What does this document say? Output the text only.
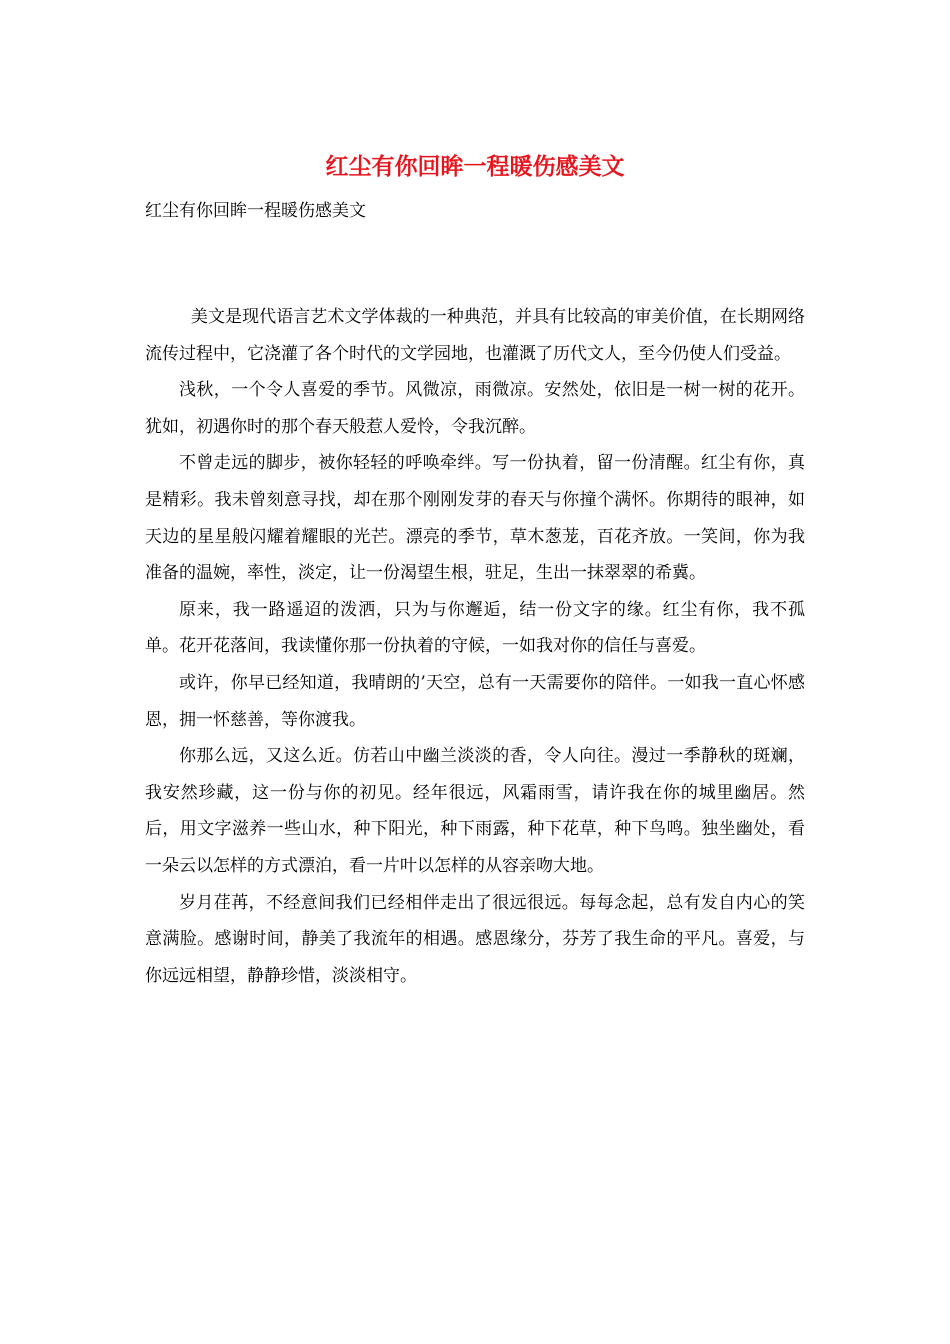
红尘有你回眸一程暖伤感美文
红尘有你回眸一程暖伤感美文

美文是现代语言艺术文学体裁的一种典范，并具有比较高的审美价值，在长期网络流传过程中，它浇灌了各个时代的文学园地，也灌溉了历代文人，至今仍使人们受益。

浅秋，一个令人喜爱的季节。风微凉，雨微凉。安然处，依旧是一树一树的花开。犹如，初遇你时的那个春天般惹人爱怜，令我沉醉。

不曾走远的脚步，被你轻轻的呼唤牵绊。写一份执着，留一份清醒。红尘有你，真是精彩。我未曾刻意寻找，却在那个刚刚发芽的春天与你撞个满怀。你期待的眼神，如天边的星星般闪耀着耀眼的光芒。漂亮的季节，草木葱茏，百花齐放。一笑间，你为我准备的温婉，率性，淡定，让一份渴望生根，驻足，生出一抹翠翠的希冀。

原来，我一路遥迢的泼洒，只为与你邂逅，结一份文字的缘。红尘有你，我不孤单。花开花落间，我读懂你那一份执着的守候，一如我对你的信任与喜爱。

或许，你早已经知道，我晴朗的’天空，总有一天需要你的陪伴。一如我一直心怀感恩，拥一怀慈善，等你渡我。

你那么远，又这么近。仿若山中幽兰淡淡的香，令人向往。漫过一季静秋的斑斓，我安然珍藏，这一份与你的初见。经年很远，风霜雨雪，请许我在你的城里幽居。然后，用文字滋养一些山水，种下阳光，种下雨露，种下花草，种下鸟鸣。独坐幽处，看一朵云以怎样的方式漂泊，看一片叶以怎样的从容亲吻大地。

岁月荏苒，不经意间我们已经相伴走出了很远很远。每每念起，总有发自内心的笑意满脸。感谢时间，静美了我流年的相遇。感恩缘分，芬芳了我生命的平凡。喜爱，与你远远相望，静静珍惜，淡淡相守。
